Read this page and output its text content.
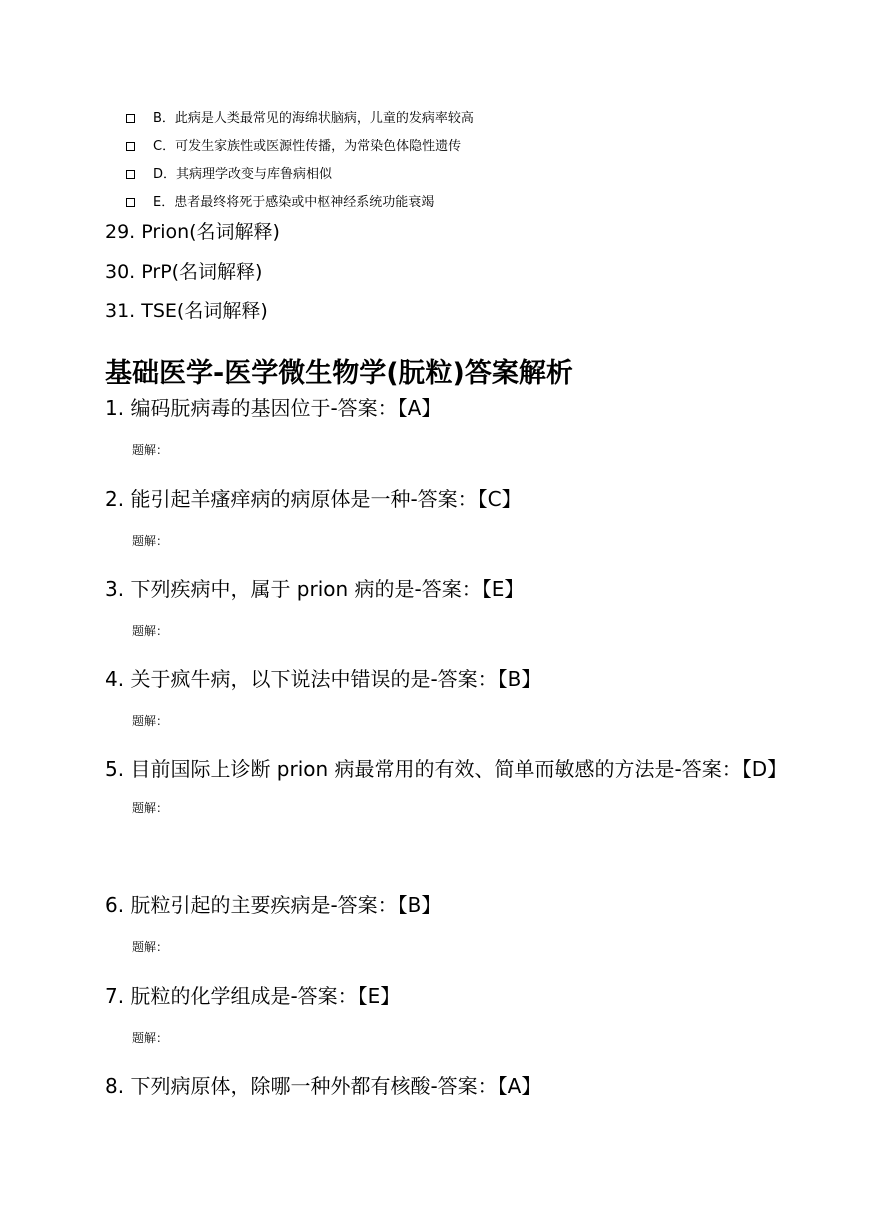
B．此病是人类最常见的海绵状脑病，儿童的发病率较高
C．可发生家族性或医源性传播，为常染色体隐性遗传
D．其病理学改变与库鲁病相似
E．患者最终将死于感染或中枢神经系统功能衰竭
29. Prion(名词解释)
30. PrP(名词解释)
31. TSE(名词解释)
基础医学-医学微生物学(朊粒)答案解析
1. 编码朊病毒的基因位于-答案：【A】
题解：
2. 能引起羊瘙痒病的病原体是一种-答案：【C】
题解：
3. 下列疾病中，属于 prion 病的是-答案：【E】
题解：
4. 关于疯牛病，以下说法中错误的是-答案：【B】
题解：
5. 目前国际上诊断 prion 病最常用的有效、简单而敏感的方法是-答案：【D】
题解：
6. 朊粒引起的主要疾病是-答案：【B】
题解：
7. 朊粒的化学组成是-答案：【E】
题解：
8. 下列病原体，除哪一种外都有核酸-答案：【A】
